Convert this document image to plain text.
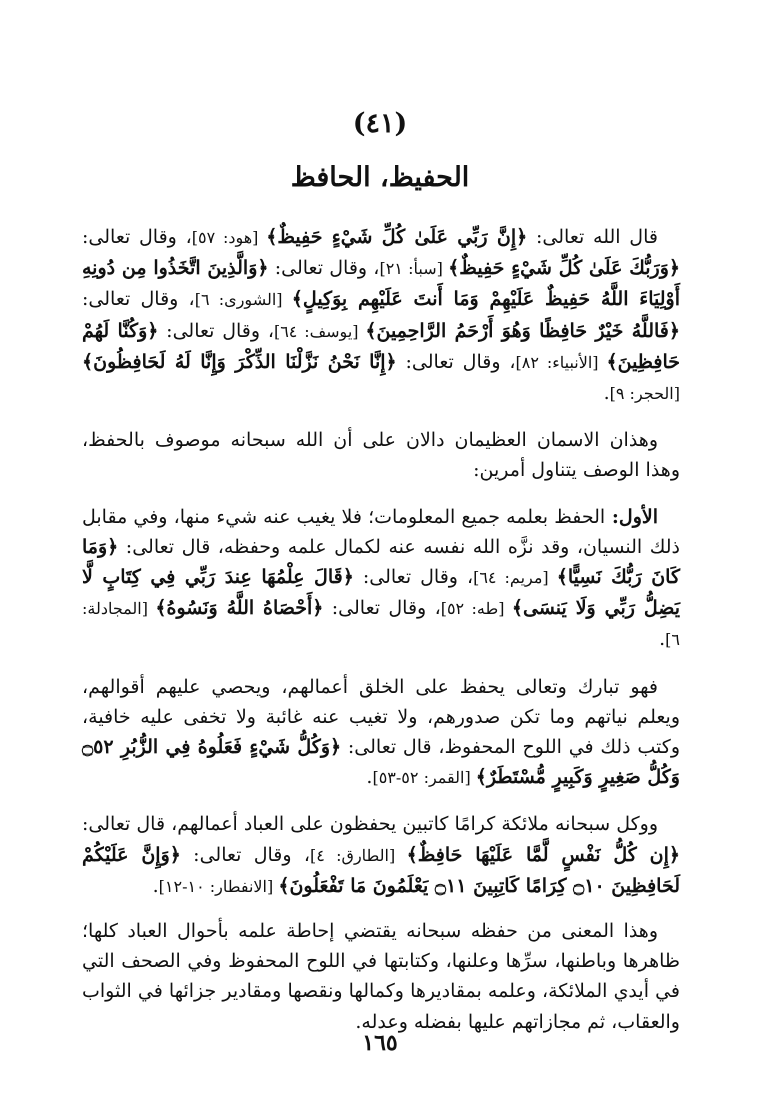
(٤١)
الحفيظ، الحافظ

قال الله تعالى: ﴿إِنَّ رَبِّي عَلَىٰ كُلِّ شَيْءٍ حَفِيظٌ﴾ [هود: ٥٧]، وقال تعالى: ﴿وَرَبُّكَ عَلَىٰ كُلِّ شَيْءٍ حَفِيظٌ﴾ [سبأ: ٢١]، وقال تعالى: ﴿وَالَّذِينَ اتَّخَذُوا مِن دُونِهِ أَوْلِيَاءَ اللَّهُ حَفِيظٌ عَلَيْهِمْ وَمَا أَنتَ عَلَيْهِم بِوَكِيلٍ﴾ [الشورى: ٦]، وقال تعالى: ﴿فَاللَّهُ خَيْرٌ حَافِظًا وَهُوَ أَرْحَمُ الرَّاحِمِينَ﴾ [يوسف: ٦٤]، وقال تعالى: ﴿وَكُنَّا لَهُمْ حَافِظِينَ﴾ [الأنبياء: ٨٢]، وقال تعالى: ﴿إِنَّا نَحْنُ نَزَّلْنَا الذِّكْرَ وَإِنَّا لَهُ لَحَافِظُونَ﴾ [الحجر: ٩].

وهذان الاسمان العظيمان دالان على أن الله سبحانه موصوف بالحفظ، وهذا الوصف يتناول أمرين:

الأول: الحفظ بعلمه جميع المعلومات؛ فلا يغيب عنه شيء منها، وفي مقابل ذلك النسيان، وقد نزَّه الله نفسه عنه لكمال علمه وحفظه، قال تعالى: ﴿وَمَا كَانَ رَبُّكَ نَسِيًّا﴾ [مريم: ٦٤]، وقال تعالى: ﴿قَالَ عِلْمُهَا عِندَ رَبِّي فِي كِتَابٍ لَّا يَضِلُّ رَبِّي وَلَا يَنسَى﴾ [طه: ٥٢]، وقال تعالى: ﴿أَحْصَاهُ اللَّهُ وَنَسُوهُ﴾ [المجادلة: ٦].

فهو تبارك وتعالى يحفظ على الخلق أعمالهم، ويحصي عليهم أقوالهم، ويعلم نياتهم وما تكن صدورهم، ولا تغيب عنه غائبة ولا تخفى عليه خافية، وكتب ذلك في اللوح المحفوظ، قال تعالى: ﴿وَكُلُّ شَيْءٍ فَعَلُوهُ فِي الزُّبُرِ ۝٥٢ وَكُلُّ صَغِيرٍ وَكَبِيرٍ مُّسْتَطَرٌ﴾ [القمر: ٥٢-٥٣].

ووكل سبحانه ملائكة كرامًا كاتبين يحفظون على العباد أعمالهم، قال تعالى: ﴿إِن كُلُّ نَفْسٍ لَّمَّا عَلَيْهَا حَافِظٌ﴾ [الطارق: ٤]، وقال تعالى: ﴿وَإِنَّ عَلَيْكُمْ لَحَافِظِينَ ۝١٠ كِرَامًا كَاتِبِينَ ۝١١ يَعْلَمُونَ مَا تَفْعَلُونَ﴾ [الانفطار: ١٠-١٢].

وهذا المعنى من حفظه سبحانه يقتضي إحاطة علمه بأحوال العباد كلها؛ ظاهرها وباطنها، سرِّها وعلنها، وكتابتها في اللوح المحفوظ وفي الصحف التي في أيدي الملائكة، وعلمه بمقاديرها وكمالها ونقصها ومقادير جزائها في الثواب والعقاب، ثم مجازاتهم عليها بفضله وعدله.

١٦٥
